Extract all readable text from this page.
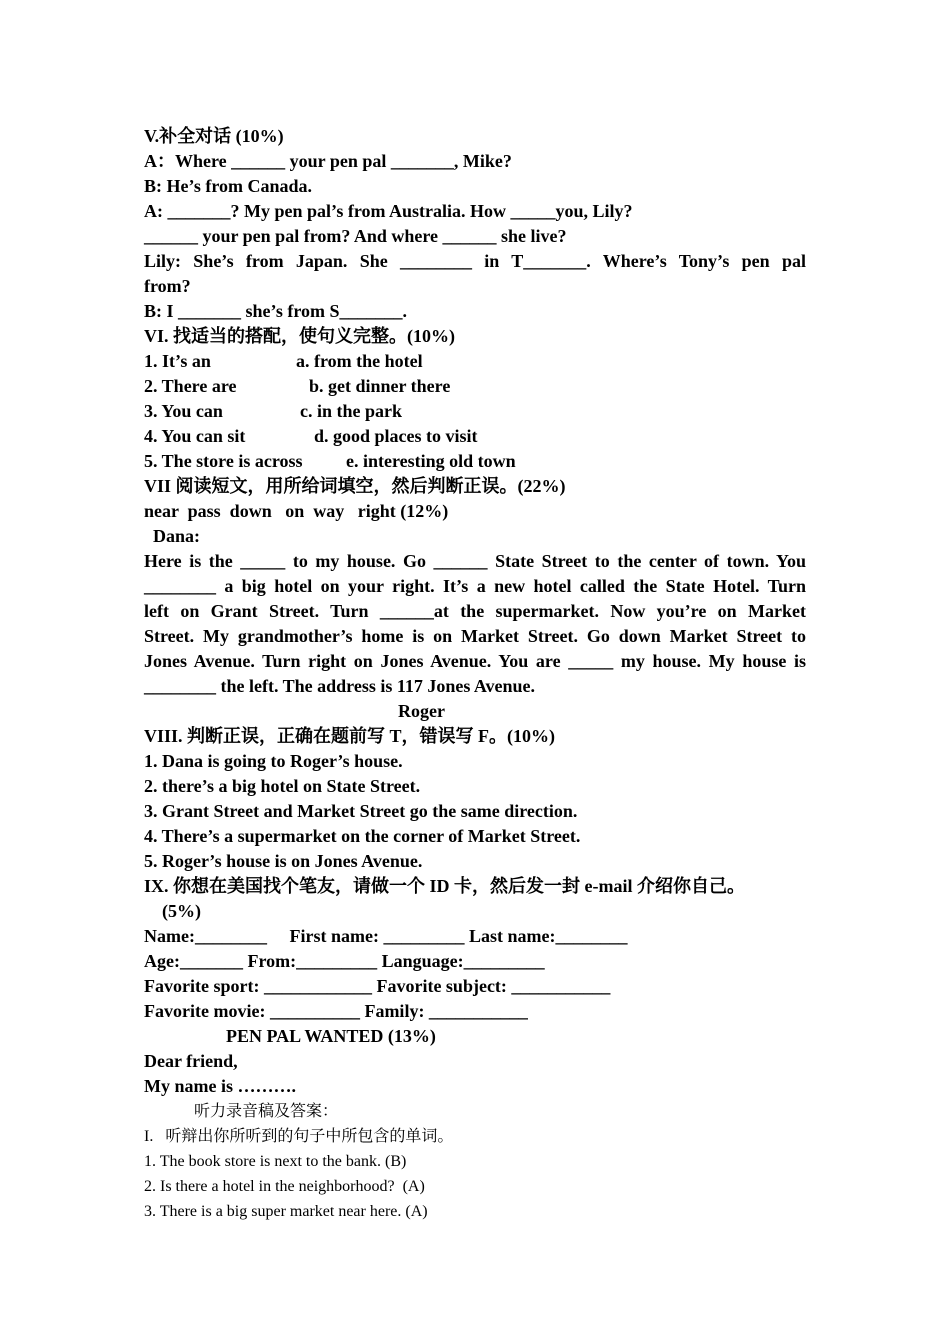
V.补全对话 (10%)
A：Where ______ your pen pal _______, Mike?
B: He’s from Canada.
A: _______? My pen pal’s from Australia. How _____you, Lily?
______ your pen pal from? And where ______ she live?
Lily: She’s from Japan. She ________ in T_______. Where’s Tony’s pen pal
from?
B: I _______ she’s from S_______.
VI. 找适当的搭配，使句义完整。(10%)
1. It’s an	a. from the hotel
2. There are	b. get dinner there
3. You can	c. in the park
4. You can sit	d. good places to visit
5. The store is across e. interesting old town
VII 阅读短文，用所给词填空，然后判断正误。(22%)
near  pass  down   on  way   right (12%)
Dana:
Here is the _____ to my house. Go ______ State Street to the center of town. You
________ a big hotel on your right. It’s a new hotel called the State Hotel. Turn
left on Grant Street. Turn ______at the supermarket. Now you’re on Market
Street. My grandmother’s home is on Market Street. Go down Market Street to
Jones Avenue. Turn right on Jones Avenue. You are _____ my house. My house is
________ the left. The address is 117 Jones Avenue.
Roger
VIII. 判断正误，正确在题前写 T，错误写 F。(10%)
1. Dana is going to Roger’s house.
2. there’s a big hotel on State Street.
3. Grant Street and Market Street go the same direction.
4. There’s a supermarket on the corner of Market Street.
5. Roger’s house is on Jones Avenue.
IX. 你想在美国找个笔友，请做一个 ID 卡，然后发一封 e-mail 介绍你自己。
(5%)
Name:________     First name: _________ Last name:________
Age:_______ From:_________ Language:_________
Favorite sport: ____________ Favorite subject: ___________
Favorite movie: __________ Family: ___________
PEN PAL WANTED (13%)
Dear friend,
My name is ……….
听力录音稿及答案：
I.   听辩出你所听到的句子中所包含的单词。
1. The book store is next to the bank. (B)
2. Is there a hotel in the neighborhood?  (A)
3. There is a big super market near here. (A)
